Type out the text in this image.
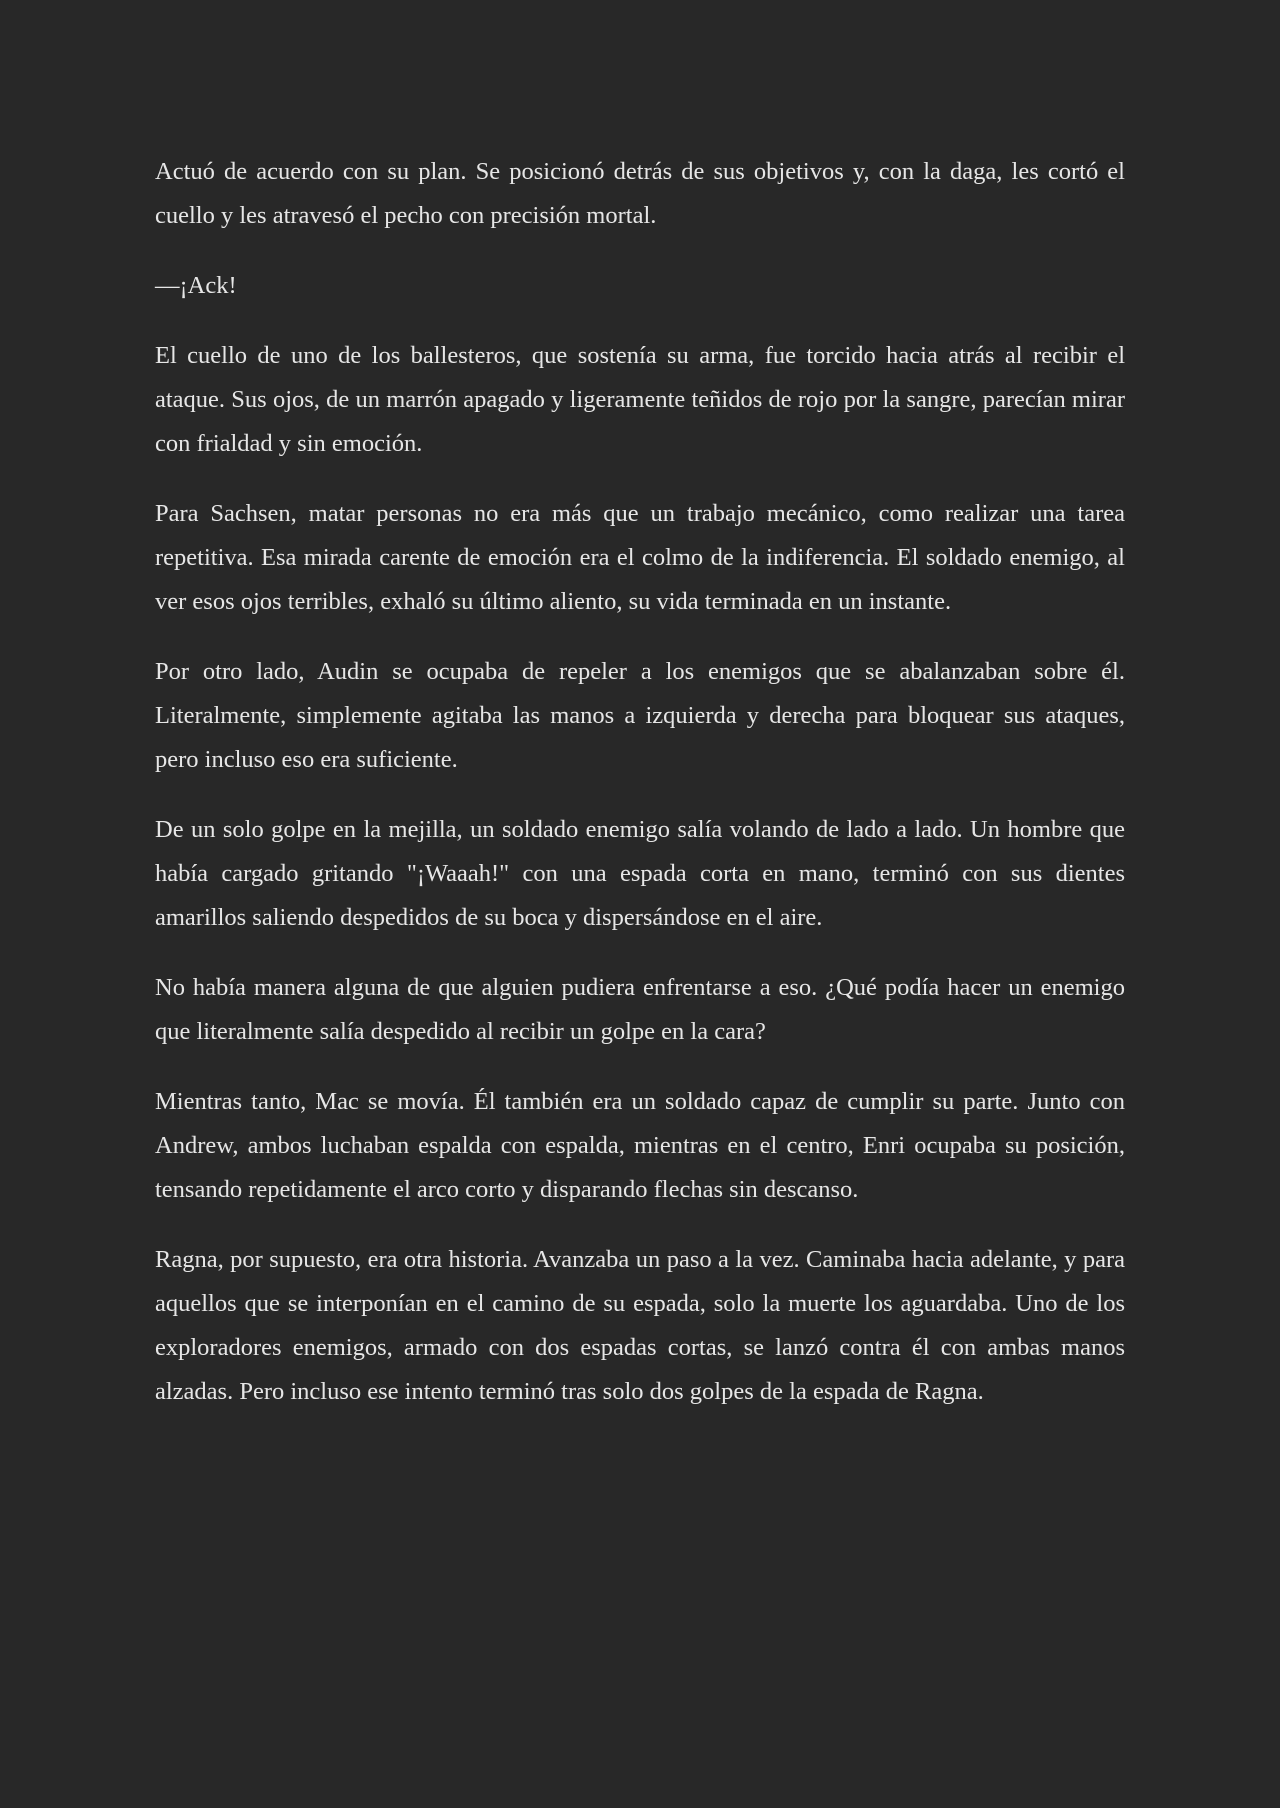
Actuó de acuerdo con su plan. Se posicionó detrás de sus objetivos y, con la daga, les cortó el cuello y les atravesó el pecho con precisión mortal.

—¡Ack!

El cuello de uno de los ballesteros, que sostenía su arma, fue torcido hacia atrás al recibir el ataque. Sus ojos, de un marrón apagado y ligeramente teñidos de rojo por la sangre, parecían mirar con frialdad y sin emoción.

Para Sachsen, matar personas no era más que un trabajo mecánico, como realizar una tarea repetitiva. Esa mirada carente de emoción era el colmo de la indiferencia. El soldado enemigo, al ver esos ojos terribles, exhaló su último aliento, su vida terminada en un instante.

Por otro lado, Audin se ocupaba de repeler a los enemigos que se abalanzaban sobre él. Literalmente, simplemente agitaba las manos a izquierda y derecha para bloquear sus ataques, pero incluso eso era suficiente.

De un solo golpe en la mejilla, un soldado enemigo salía volando de lado a lado. Un hombre que había cargado gritando "¡Waaah!" con una espada corta en mano, terminó con sus dientes amarillos saliendo despedidos de su boca y dispersándose en el aire.

No había manera alguna de que alguien pudiera enfrentarse a eso. ¿Qué podía hacer un enemigo que literalmente salía despedido al recibir un golpe en la cara?

Mientras tanto, Mac se movía. Él también era un soldado capaz de cumplir su parte. Junto con Andrew, ambos luchaban espalda con espalda, mientras en el centro, Enri ocupaba su posición, tensando repetidamente el arco corto y disparando flechas sin descanso.

Ragna, por supuesto, era otra historia. Avanzaba un paso a la vez. Caminaba hacia adelante, y para aquellos que se interponían en el camino de su espada, solo la muerte los aguardaba. Uno de los exploradores enemigos, armado con dos espadas cortas, se lanzó contra él con ambas manos alzadas. Pero incluso ese intento terminó tras solo dos golpes de la espada de Ragna.
